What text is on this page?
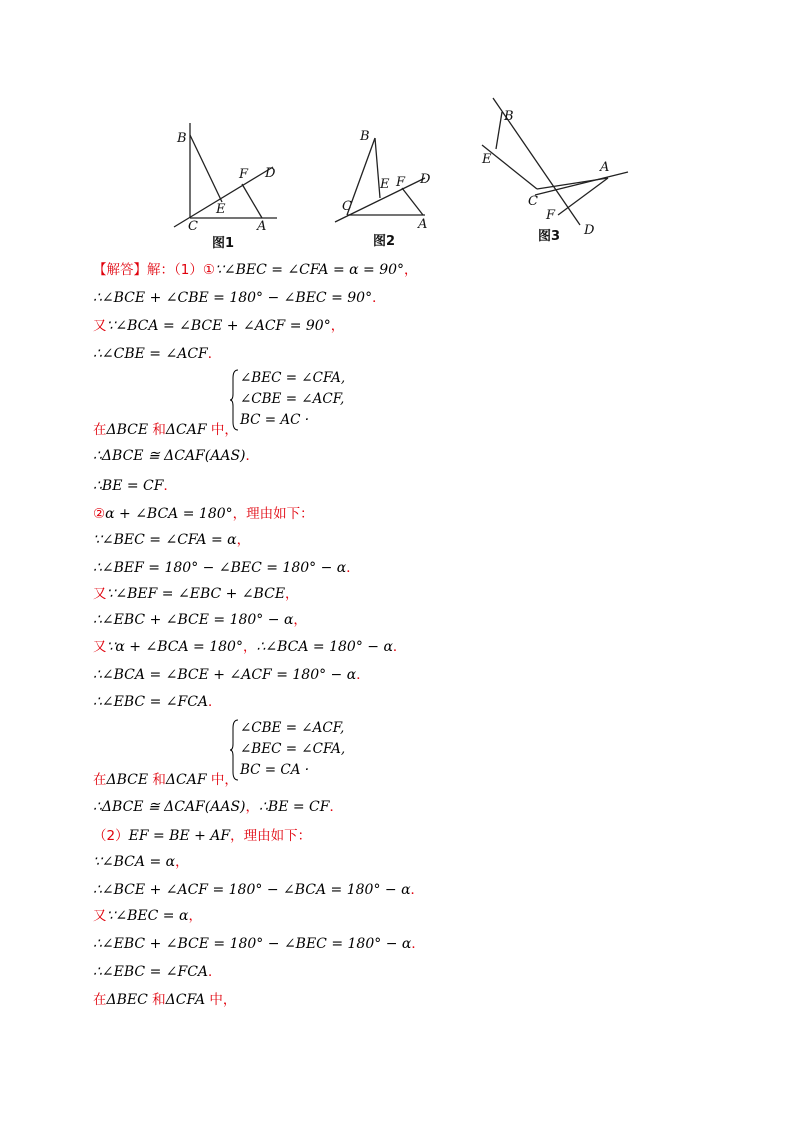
B
F D
E
C	A
图1
B
E F D
C
A
图2
B
E
A
C
F
D
图3
【解答】解：（1）①∵∠BEC = ∠CFA = α = 90°，
∴∠BCE + ∠CBE = 180° − ∠BEC = 90°．
又∵∠BCA = ∠BCE + ∠ACF = 90°，
∴∠CBE = ∠ACF．
∠BEC = ∠CFA,
∠CBE = ∠ACF,
BC = AC ·
在ΔBCE 和ΔCAF 中，
∴ΔBCE ≅ ΔCAF(AAS)．
∴BE = CF．
②α + ∠BCA = 180°，理由如下：
∵∠BEC = ∠CFA = α，
∴∠BEF = 180° − ∠BEC = 180° − α．
又∵∠BEF = ∠EBC + ∠BCE，
∴∠EBC + ∠BCE = 180° − α，
又∵α + ∠BCA = 180°，∴∠BCA = 180° − α．
∴∠BCA = ∠BCE + ∠ACF = 180° − α．
∴∠EBC = ∠FCA．
∠CBE = ∠ACF,
∠BEC = ∠CFA,
BC = CA ·
在ΔBCE 和ΔCAF 中，
∴ΔBCE ≅ ΔCAF(AAS)，∴BE = CF．
（2）EF = BE + AF，理由如下：
∵∠BCA = α，
∴∠BCE + ∠ACF = 180° − ∠BCA = 180° − α．
又∵∠BEC = α，
∴∠EBC + ∠BCE = 180° − ∠BEC = 180° − α．
∴∠EBC = ∠FCA．
在ΔBEC 和ΔCFA 中，
